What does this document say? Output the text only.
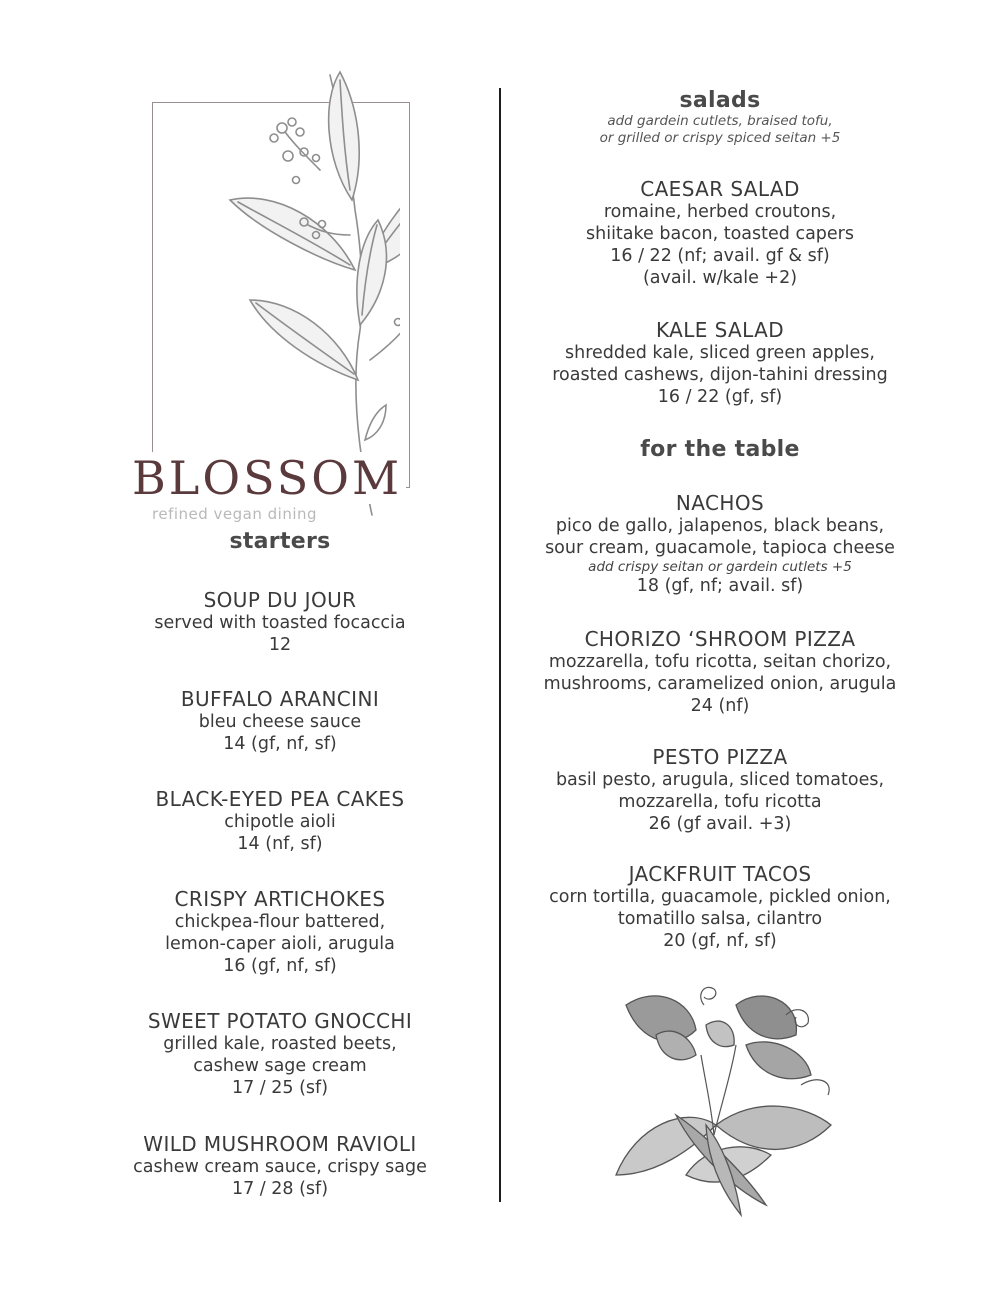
BLOSSOM
refined vegan dining
starters
SOUP DU JOUR
served with toasted focaccia
12
BUFFALO ARANCINI
bleu cheese sauce
14 (gf, nf, sf)
BLACK-EYED PEA CAKES
chipotle aioli
14 (nf, sf)
CRISPY ARTICHOKES
chickpea-flour battered,
lemon-caper aioli, arugula
16 (gf, nf, sf)
SWEET POTATO GNOCCHI
grilled kale, roasted beets,
cashew sage cream
17 / 25 (sf)
WILD MUSHROOM RAVIOLI
cashew cream sauce, crispy sage
17 / 28 (sf)
salads
add gardein cutlets, braised tofu,
or grilled or crispy spiced seitan +5
CAESAR SALAD
romaine, herbed croutons,
shiitake bacon, toasted capers
16 / 22 (nf; avail. gf & sf)
(avail. w/kale +2)
KALE SALAD
shredded kale, sliced green apples,
roasted cashews, dijon-tahini dressing
16 / 22 (gf, sf)
for the table
NACHOS
pico de gallo, jalapenos, black beans,
sour cream, guacamole, tapioca cheese
add crispy seitan or gardein cutlets +5
18 (gf, nf; avail. sf)
CHORIZO ‘SHROOM PIZZA
mozzarella, tofu ricotta, seitan chorizo,
mushrooms, caramelized onion, arugula
24 (nf)
PESTO PIZZA
basil pesto, arugula, sliced tomatoes,
mozzarella, tofu ricotta
26 (gf avail. +3)
JACKFRUIT TACOS
corn tortilla, guacamole, pickled onion,
tomatillo salsa, cilantro
20 (gf, nf, sf)
